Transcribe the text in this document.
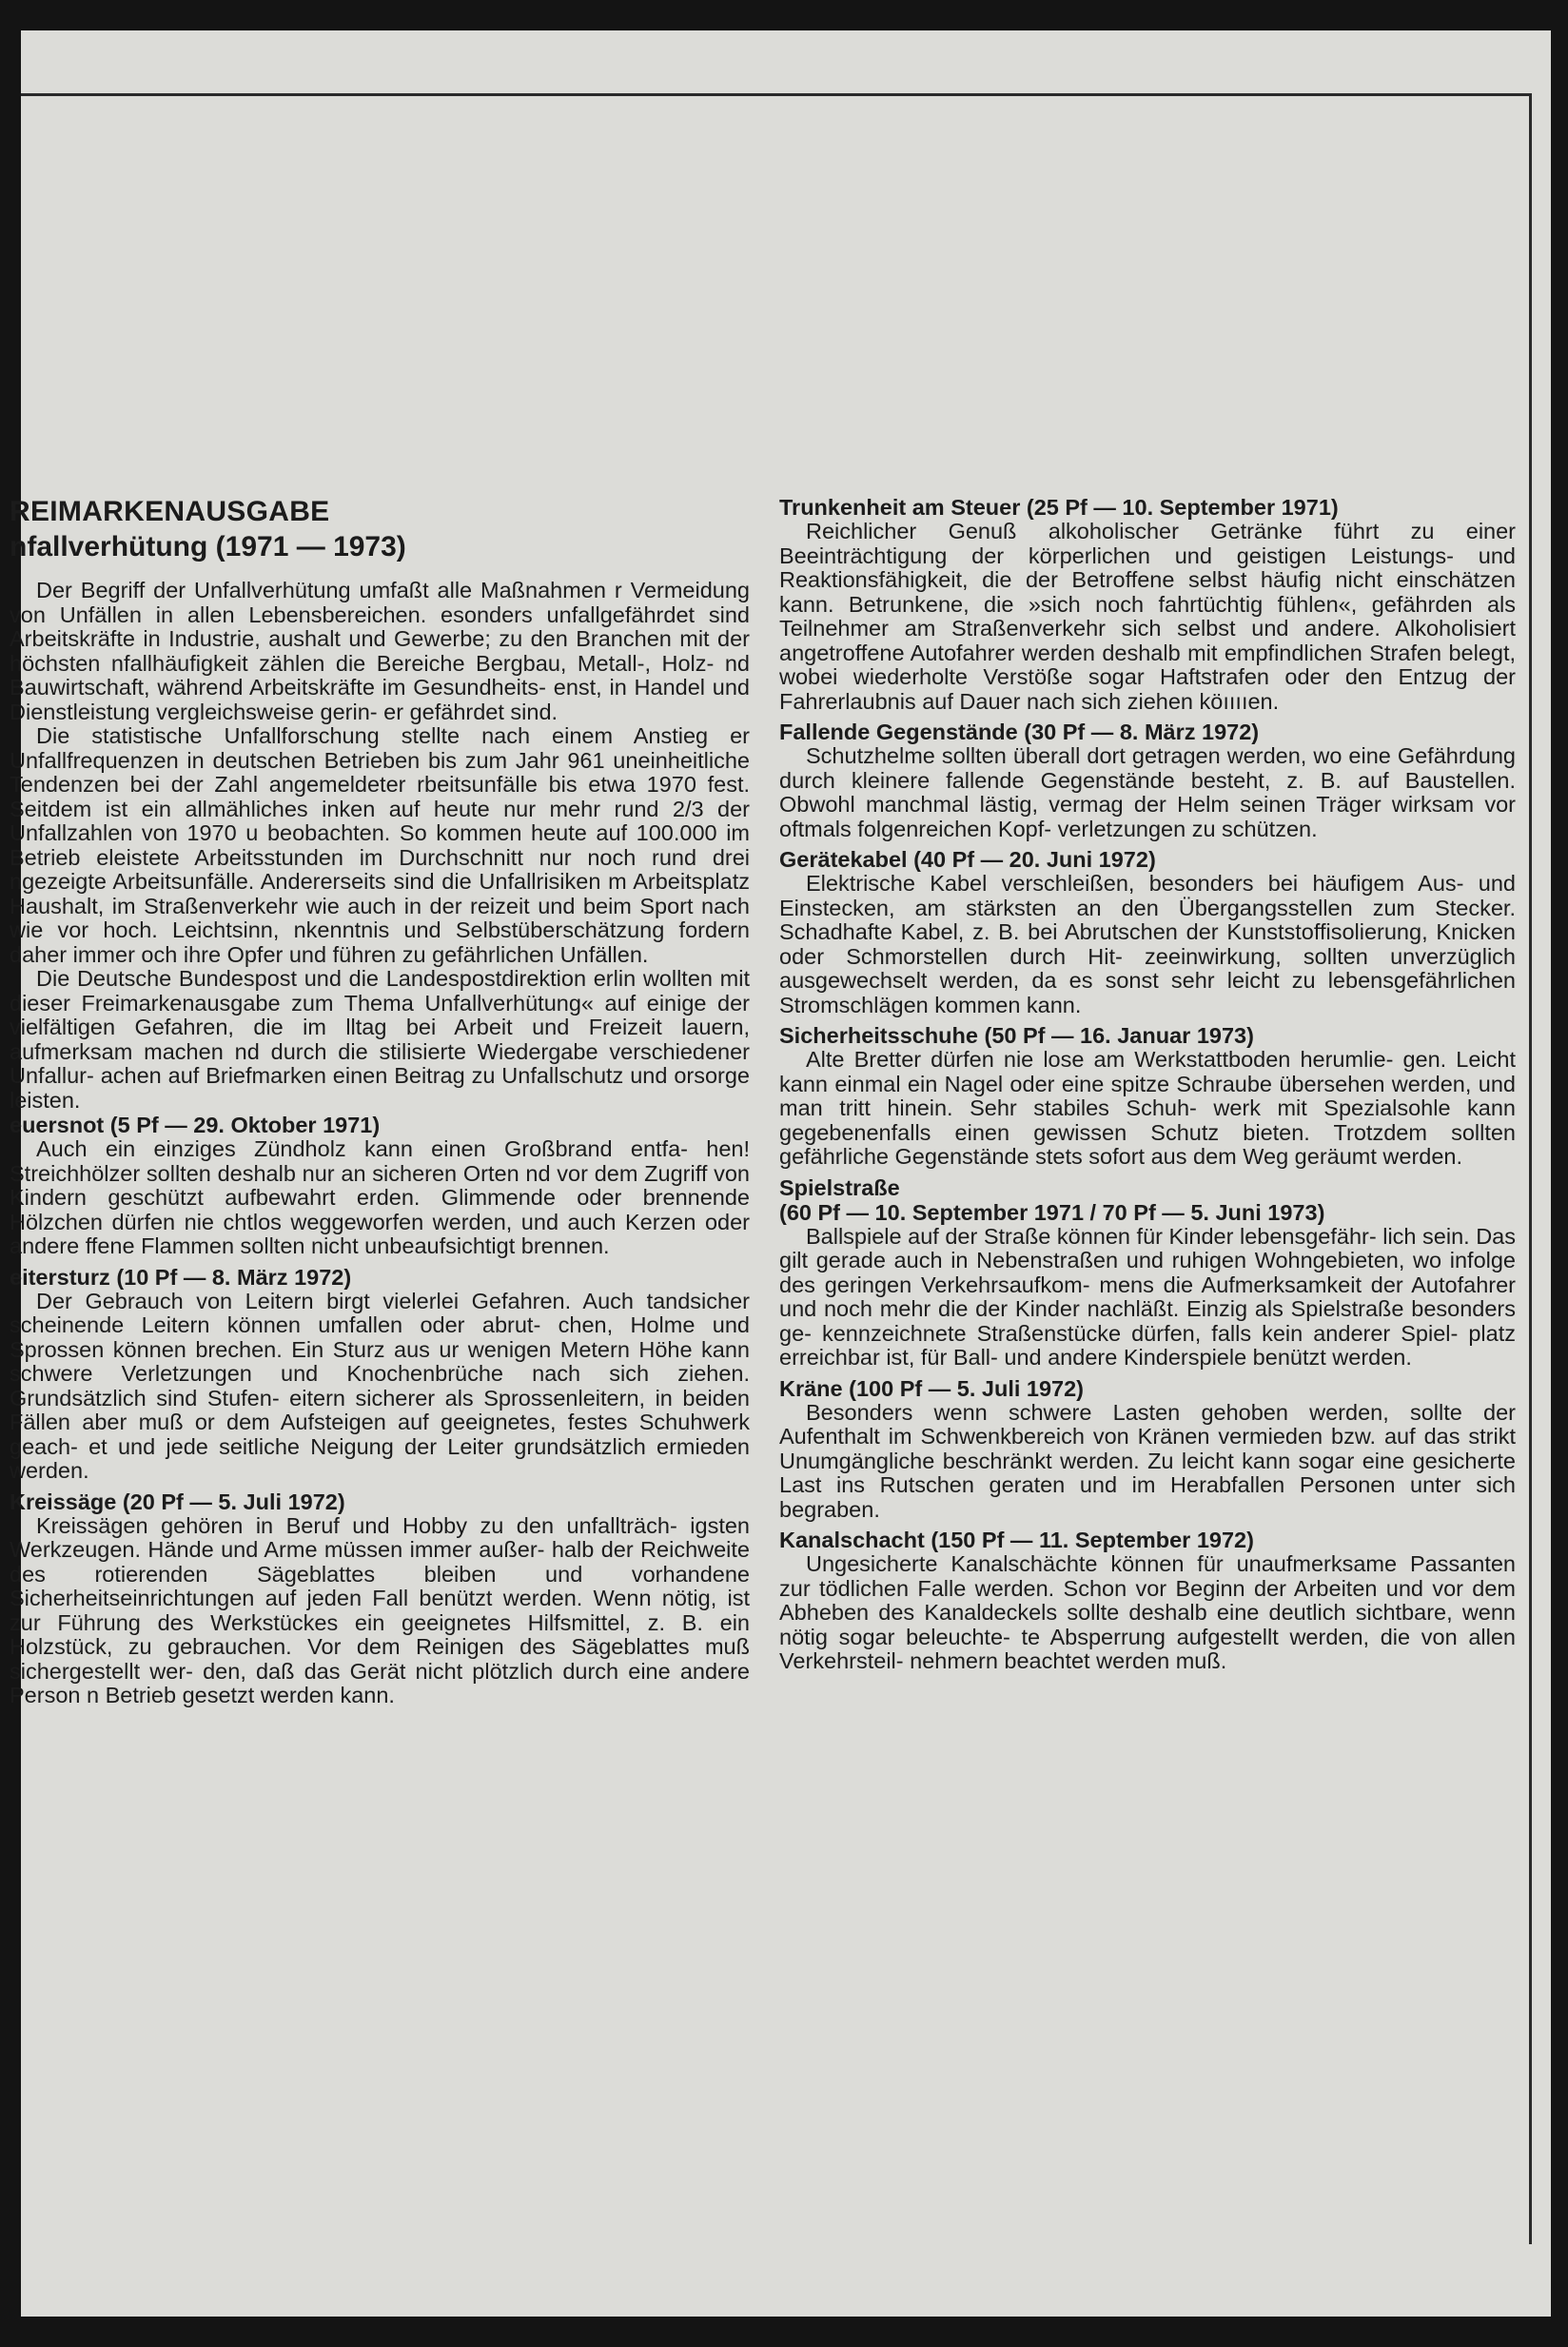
REIMARKENAUSGABE
nfallverhütung (1971 — 1973)

Der Begriff der Unfallverhütung umfaßt alle Maßnahmen r Vermeidung von Unfällen in allen Lebensbereichen. esonders unfallgefährdet sind Arbeitskräfte in Industrie, aushalt und Gewerbe; zu den Branchen mit der höchsten nfallhäufigkeit zählen die Bereiche Bergbau, Metall-, Holz- nd Bauwirtschaft, während Arbeitskräfte im Gesundheits- enst, in Handel und Dienstleistung vergleichsweise gerin- er gefährdet sind.

Die statistische Unfallforschung stellte nach einem Anstieg er Unfallfrequenzen in deutschen Betrieben bis zum Jahr 961 uneinheitliche Tendenzen bei der Zahl angemeldeter rbeitsunfälle bis etwa 1970 fest. Seitdem ist ein allmähliches inken auf heute nur mehr rund 2/3 der Unfallzahlen von 1970 u beobachten. So kommen heute auf 100.000 im Betrieb eleistete Arbeitsstunden im Durchschnitt nur noch rund drei ngezeigte Arbeitsunfälle. Andererseits sind die Unfallrisiken m Arbeitsplatz Haushalt, im Straßenverkehr wie auch in der reizeit und beim Sport nach wie vor hoch. Leichtsinn, nkenntnis und Selbstüberschätzung fordern daher immer och ihre Opfer und führen zu gefährlichen Unfällen.

Die Deutsche Bundespost und die Landespostdirektion erlin wollten mit dieser Freimarkenausgabe zum Thema Unfallverhütung« auf einige der vielfältigen Gefahren, die im lltag bei Arbeit und Freizeit lauern, aufmerksam machen nd durch die stilisierte Wiedergabe verschiedener Unfallur- achen auf Briefmarken einen Beitrag zu Unfallschutz und orsorge leisten.

euersnot (5 Pf — 29. Oktober 1971)

Auch ein einziges Zündholz kann einen Großbrand entfa- hen! Streichhölzer sollten deshalb nur an sicheren Orten nd vor dem Zugriff von Kindern geschützt aufbewahrt erden. Glimmende oder brennende Hölzchen dürfen nie chtlos weggeworfen werden, und auch Kerzen oder andere ffene Flammen sollten nicht unbeaufsichtigt brennen.

eitersturz (10 Pf — 8. März 1972)

Der Gebrauch von Leitern birgt vielerlei Gefahren. Auch tandsicher scheinende Leitern können umfallen oder abrut- chen, Holme und Sprossen können brechen. Ein Sturz aus ur wenigen Metern Höhe kann schwere Verletzungen und Knochenbrüche nach sich ziehen. Grundsätzlich sind Stufen- eitern sicherer als Sprossenleitern, in beiden Fällen aber muß or dem Aufsteigen auf geeignetes, festes Schuhwerk geach- et und jede seitliche Neigung der Leiter grundsätzlich ermieden werden.

Kreissäge (20 Pf — 5. Juli 1972)

Kreissägen gehören in Beruf und Hobby zu den unfallträch- igsten Werkzeugen. Hände und Arme müssen immer außer- halb der Reichweite des rotierenden Sägeblattes bleiben und vorhandene Sicherheitseinrichtungen auf jeden Fall benützt werden. Wenn nötig, ist zur Führung des Werkstückes ein geeignetes Hilfsmittel, z. B. ein Holzstück, zu gebrauchen. Vor dem Reinigen des Sägeblattes muß sichergestellt wer- den, daß das Gerät nicht plötzlich durch eine andere Person n Betrieb gesetzt werden kann.

Trunkenheit am Steuer (25 Pf — 10. September 1971)

Reichlicher Genuß alkoholischer Getränke führt zu einer Beeinträchtigung der körperlichen und geistigen Leistungs- und Reaktionsfähigkeit, die der Betroffene selbst häufig nicht einschätzen kann. Betrunkene, die »sich noch fahrtüchtig fühlen«, gefährden als Teilnehmer am Straßenverkehr sich selbst und andere. Alkoholisiert angetroffene Autofahrer werden deshalb mit empfindlichen Strafen belegt, wobei wiederholte Verstöße sogar Haftstrafen oder den Entzug der Fahrerlaubnis auf Dauer nach sich ziehen köııııen.

Fallende Gegenstände (30 Pf — 8. März 1972)

Schutzhelme sollten überall dort getragen werden, wo eine Gefährdung durch kleinere fallende Gegenstände besteht, z. B. auf Baustellen. Obwohl manchmal lästig, vermag der Helm seinen Träger wirksam vor oftmals folgenreichen Kopf- verletzungen zu schützen.

Gerätekabel (40 Pf — 20. Juni 1972)

Elektrische Kabel verschleißen, besonders bei häufigem Aus- und Einstecken, am stärksten an den Übergangsstellen zum Stecker. Schadhafte Kabel, z. B. bei Abrutschen der Kunststoffisolierung, Knicken oder Schmorstellen durch Hit- zeeinwirkung, sollten unverzüglich ausgewechselt werden, da es sonst sehr leicht zu lebensgefährlichen Stromschlägen kommen kann.

Sicherheitsschuhe (50 Pf — 16. Januar 1973)

Alte Bretter dürfen nie lose am Werkstattboden herumlie- gen. Leicht kann einmal ein Nagel oder eine spitze Schraube übersehen werden, und man tritt hinein. Sehr stabiles Schuh- werk mit Spezialsohle kann gegebenenfalls einen gewissen Schutz bieten. Trotzdem sollten gefährliche Gegenstände stets sofort aus dem Weg geräumt werden.

Spielstraße
(60 Pf — 10. September 1971 / 70 Pf — 5. Juni 1973)

Ballspiele auf der Straße können für Kinder lebensgefähr- lich sein. Das gilt gerade auch in Nebenstraßen und ruhigen Wohngebieten, wo infolge des geringen Verkehrsaufkom- mens die Aufmerksamkeit der Autofahrer und noch mehr die der Kinder nachläßt. Einzig als Spielstraße besonders ge- kennzeichnete Straßenstücke dürfen, falls kein anderer Spiel- platz erreichbar ist, für Ball- und andere Kinderspiele benützt werden.

Kräne (100 Pf — 5. Juli 1972)

Besonders wenn schwere Lasten gehoben werden, sollte der Aufenthalt im Schwenkbereich von Kränen vermieden bzw. auf das strikt Unumgängliche beschränkt werden. Zu leicht kann sogar eine gesicherte Last ins Rutschen geraten und im Herabfallen Personen unter sich begraben.

Kanalschacht (150 Pf — 11. September 1972)

Ungesicherte Kanalschächte können für unaufmerksame Passanten zur tödlichen Falle werden. Schon vor Beginn der Arbeiten und vor dem Abheben des Kanaldeckels sollte deshalb eine deutlich sichtbare, wenn nötig sogar beleuchte- te Absperrung aufgestellt werden, die von allen Verkehrsteil- nehmern beachtet werden muß.
